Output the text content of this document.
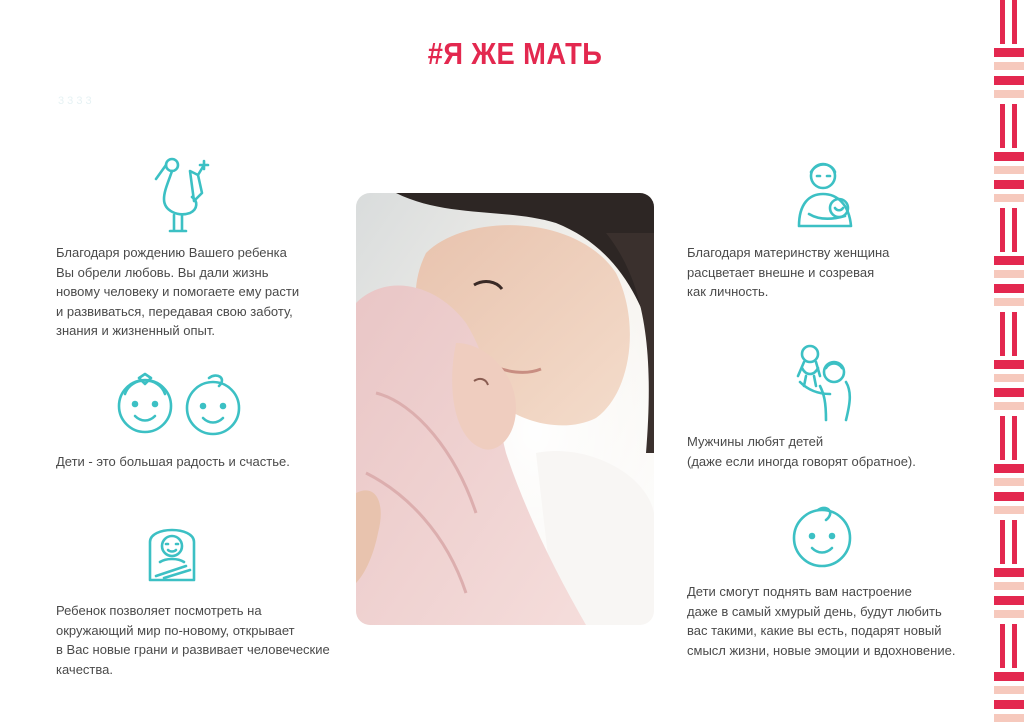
#Я ЖЕ МАТЬ
3 3 3 3
Благодаря рождению Вашего ребенка
Вы обрели любовь. Вы дали жизнь
новому человеку и помогаете ему расти
и развиваться, передавая свою заботу,
знания и жизненный опыт.
Дети - это большая радость и счастье.
Ребенок позволяет посмотреть на
окружающий мир по-новому, открывает
в Вас новые грани и развивает человеческие
качества.
Благодаря материнству женщина
расцветает внешне и созревая
как личность.
Мужчины любят детей
(даже если иногда говорят обратное).
Дети смогут поднять вам настроение
даже в самый хмурый день, будут любить
вас такими, какие вы есть, подарят новый
смысл жизни, новые эмоции и вдохновение.
